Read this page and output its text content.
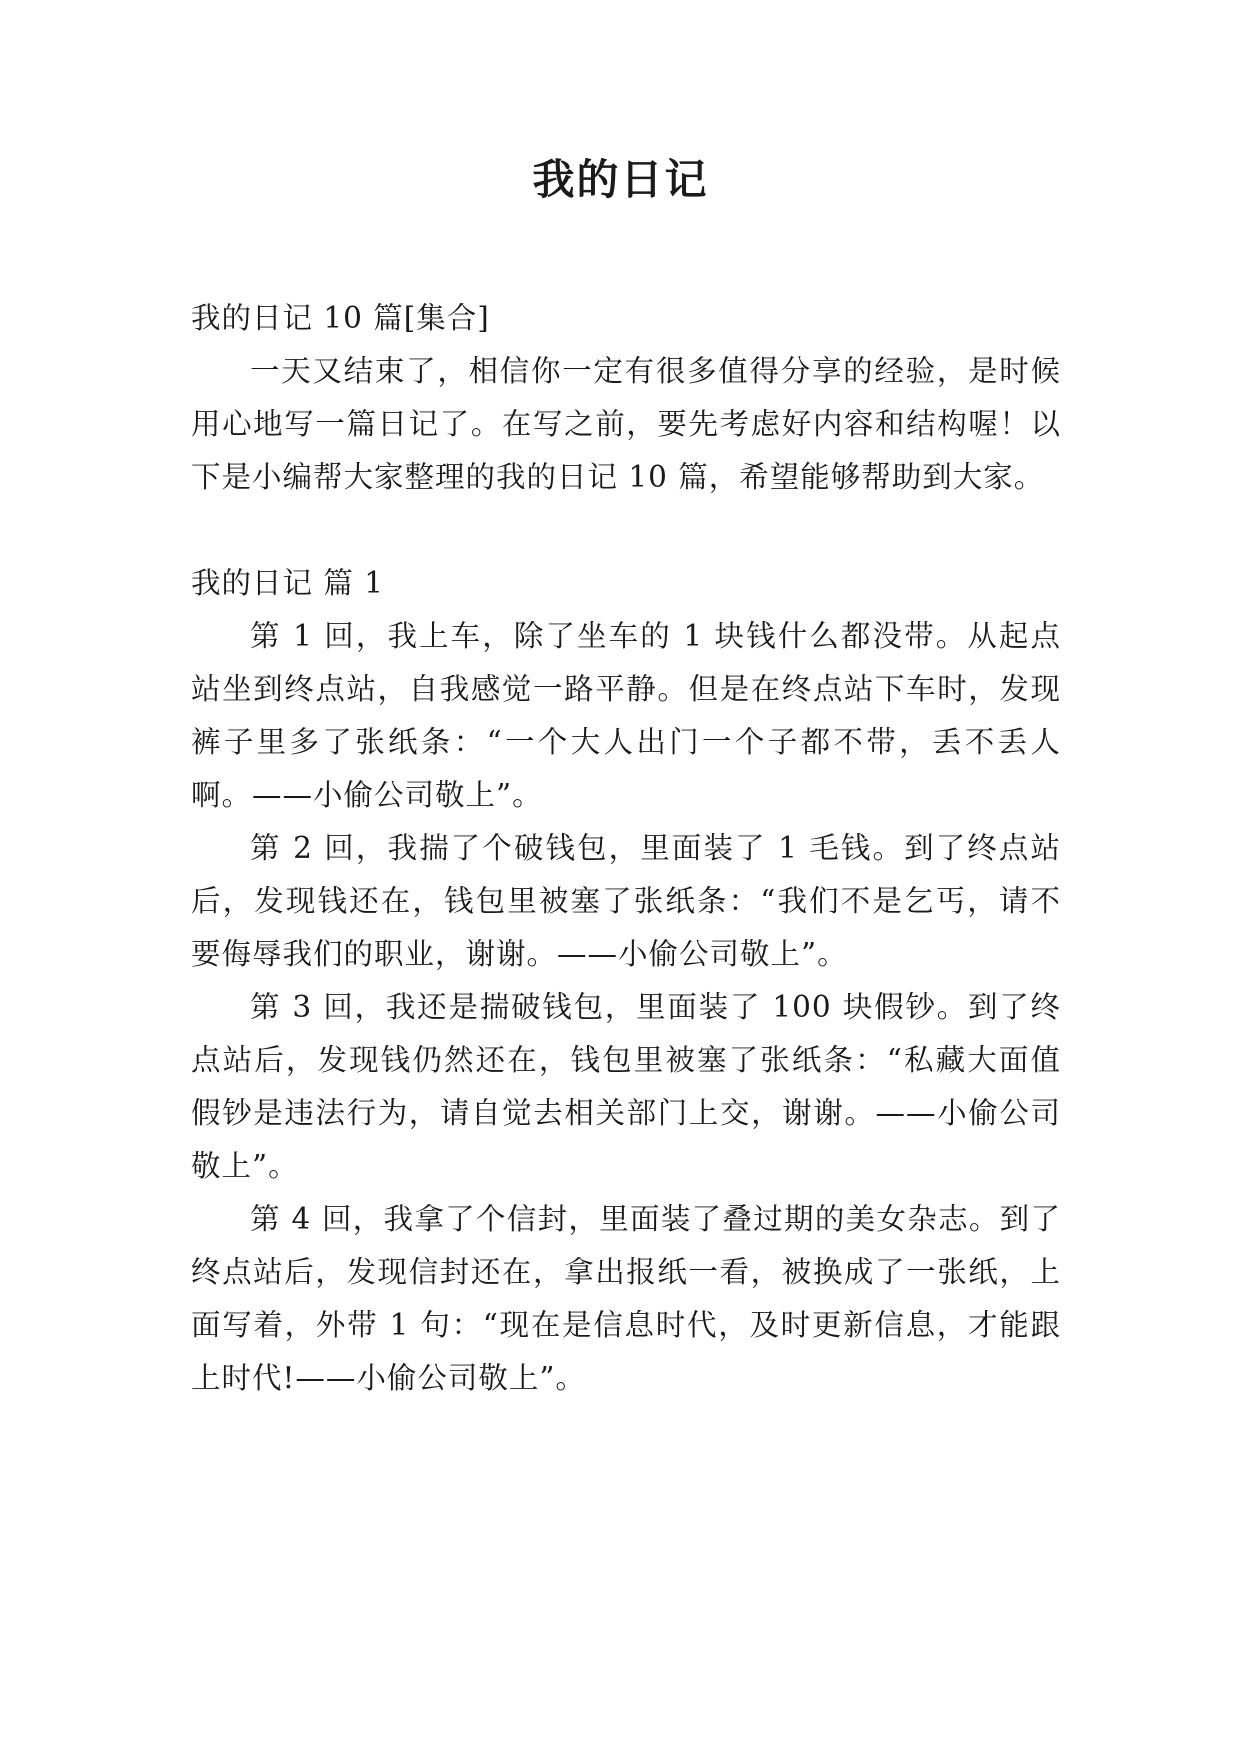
我的日记

我的日记 10 篇[集合]

一天又结束了，相信你一定有很多值得分享的经验，是时候用心地写一篇日记了。在写之前，要先考虑好内容和结构喔！以下是小编帮大家整理的我的日记 10 篇，希望能够帮助到大家。

我的日记 篇 1

第 1 回，我上车，除了坐车的 1 块钱什么都没带。从起点站坐到终点站，自我感觉一路平静。但是在终点站下车时，发现裤子里多了张纸条：“一个大人出门一个子都不带，丢不丢人啊。——小偷公司敬上”。

第 2 回，我揣了个破钱包，里面装了 1 毛钱。到了终点站后，发现钱还在，钱包里被塞了张纸条：“我们不是乞丐，请不要侮辱我们的职业，谢谢。——小偷公司敬上”。

第 3 回，我还是揣破钱包，里面装了 100 块假钞。到了终点站后，发现钱仍然还在，钱包里被塞了张纸条：“私藏大面值假钞是违法行为，请自觉去相关部门上交，谢谢。——小偷公司敬上”。

第 4 回，我拿了个信封，里面装了叠过期的美女杂志。到了终点站后，发现信封还在，拿出报纸一看，被换成了一张纸，上面写着，外带 1 句：“现在是信息时代，及时更新信息，才能跟上时代!——小偷公司敬上”。
